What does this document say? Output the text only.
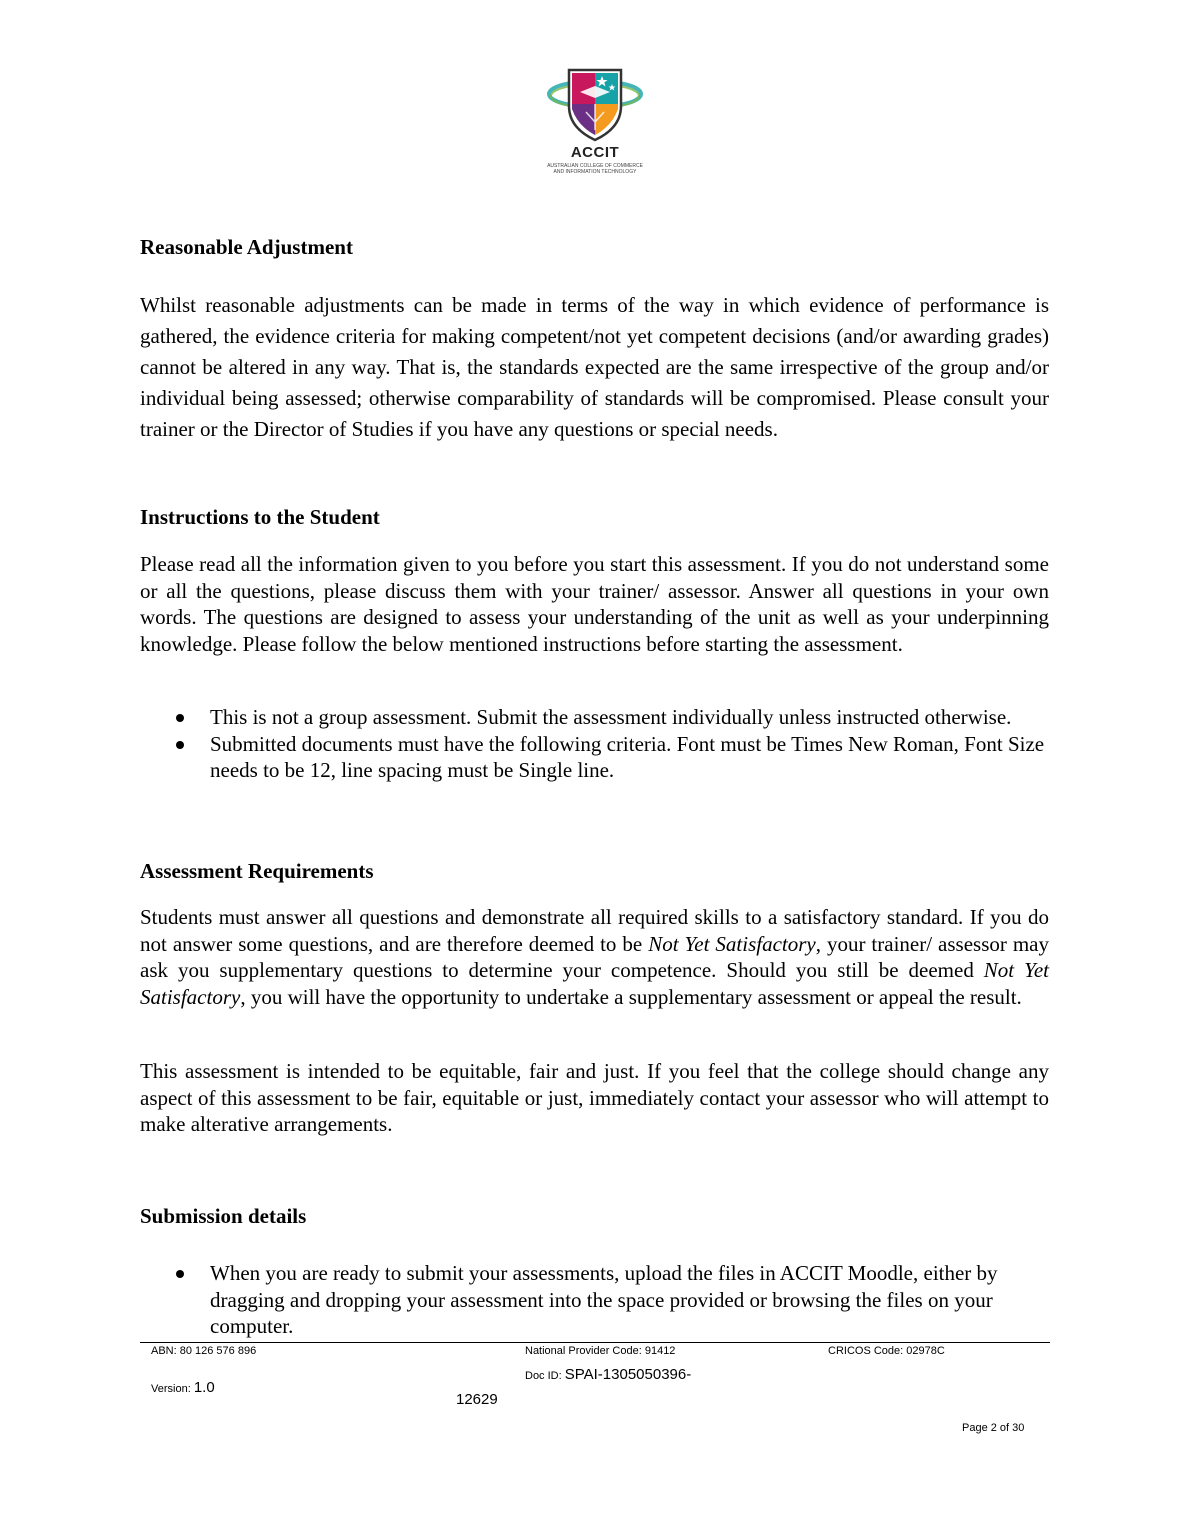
ACCIT
AUSTRALIAN COLLEGE OF COMMERCE
AND INFORMATION TECHNOLOGY
Reasonable Adjustment

Whilst reasonable adjustments can be made in terms of the way in which evidence of performance is gathered, the evidence criteria for making competent/not yet competent decisions (and/or awarding grades) cannot be altered in any way. That is, the standards expected are the same irrespective of the group and/or individual being assessed; otherwise comparability of standards will be compromised. Please consult your trainer or the Director of Studies if you have any questions or special needs.

Instructions to the Student

Please read all the information given to you before you start this assessment. If you do not understand some or all the questions, please discuss them with your trainer/ assessor. Answer all questions in your own words. The questions are designed to assess your understanding of the unit as well as your underpinning knowledge. Please follow the below mentioned instructions before starting the assessment.

This is not a group assessment. Submit the assessment individually unless instructed otherwise.
Submitted documents must have the following criteria. Font must be Times New Roman, Font Size needs to be 12, line spacing must be Single line.
Assessment Requirements

Students must answer all questions and demonstrate all required skills to a satisfactory standard. If you do not answer some questions, and are therefore deemed to be Not Yet Satisfactory, your trainer/ assessor may ask you supplementary questions to determine your competence. Should you still be deemed Not Yet Satisfactory, you will have the opportunity to undertake a supplementary assessment or appeal the result.

This assessment is intended to be equitable, fair and just. If you feel that the college should change any aspect of this assessment to be fair, equitable or just, immediately contact your assessor who will attempt to make alterative arrangements.

Submission details
When you are ready to submit your assessments, upload the files in ACCIT Moodle, either by dragging and dropping your assessment into the space provided or browsing the files on your computer.
ABN: 80 126 576 896	National Provider Code: 91412	CRICOS Code: 02978C
Version: 1.0
Doc ID: SPAI-1305050396-
12629
Page 2 of 30
